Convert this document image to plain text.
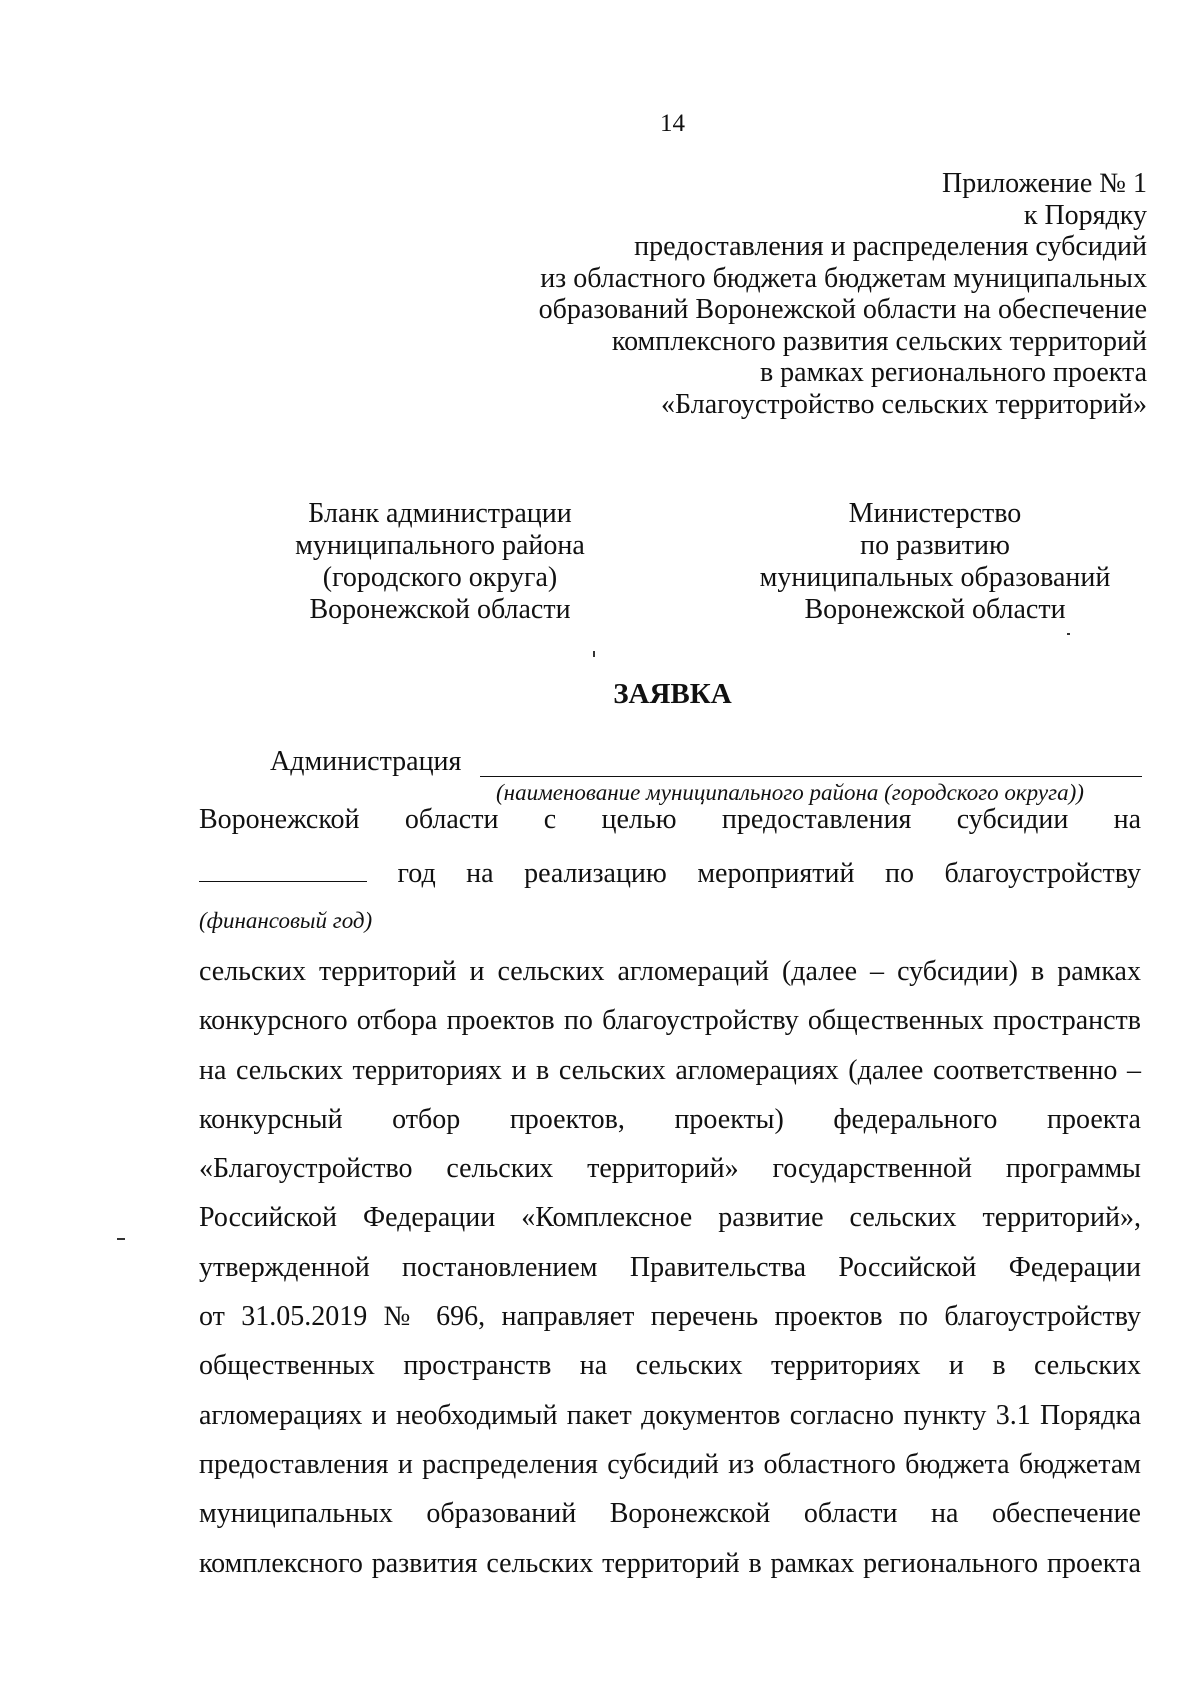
14
Приложение № 1
к Порядку
предоставления и распределения субсидий
из областного бюджета бюджетам муниципальных
образований Воронежской области на обеспечение
комплексного развития сельских территорий
в рамках регионального проекта
«Благоустройство сельских территорий»
Бланк администрации
муниципального района
(городского округа)
Воронежской области
Министерство
по развитию
муниципальных образований
Воронежской области
ЗАЯВКА
Администрация
(наименование муниципального района (городского округа))
Воронежской области с целью предоставления субсидии на
год на реализацию мероприятий по благоустройству
(финансовый год)
сельских территорий и сельских агломераций (далее – субсидии) в рамках
конкурсного отбора проектов по благоустройству общественных пространств
на сельских территориях и в сельских агломерациях (далее соответственно –
конкурсный отбор проектов, проекты) федерального проекта
«Благоустройство сельских территорий» государственной программы
Российской Федерации «Комплексное развитие сельских территорий»,
утвержденной постановлением Правительства Российской Федерации
от 31.05.2019 № 696, направляет перечень проектов по благоустройству
общественных пространств на сельских территориях и в сельских
агломерациях и необходимый пакет документов согласно пункту 3.1 Порядка
предоставления и распределения субсидий из областного бюджета бюджетам
муниципальных образований Воронежской области на обеспечение
комплексного развития сельских территорий в рамках регионального проекта
